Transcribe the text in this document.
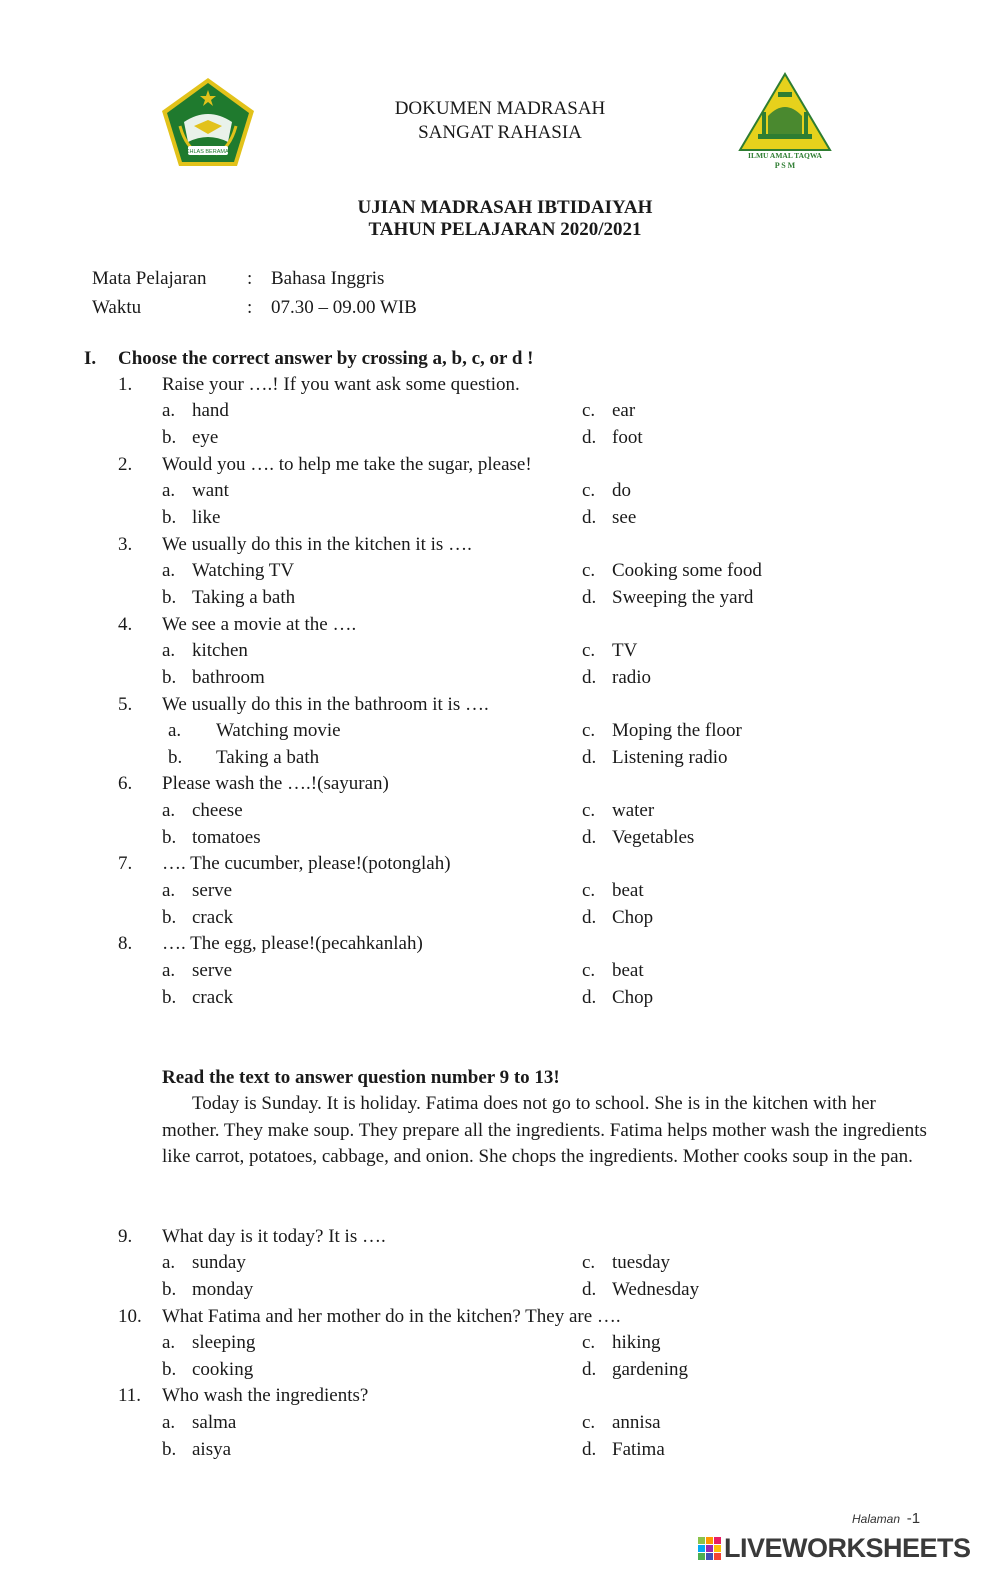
IKHLAS BERAMAL	ILMU AMAL TAQWA
P S M
DOKUMEN MADRASAH
SANGAT RAHASIA
UJIAN MADRASAH IBTIDAIYAH
TAHUN PELAJARAN 2020/2021
Mata Pelajaran : Bahasa Inggris
Waktu	: 07.30 – 09.00 WIB
I. Choose the correct answer by crossing a, b, c, or d !
1. Raise your ….! If you want ask some question.
a. hand	c. ear
b. eye	d. foot
2. Would you …. to help me take the sugar, please!
a. want	c. do
b. like	d. see
3. We usually do this in the kitchen it is ….
a. Watching TV	c. Cooking some food
b. Taking a bath	d. Sweeping the yard
4. We see a movie at the ….
a. kitchen	c. TV
b. bathroom	d. radio
5. We usually do this in the bathroom it is ….
a. Watching movie	c. Moping the floor
b. Taking a bath	d. Listening radio
6. Please wash the ….!(sayuran)
a. cheese	c. water
b. tomatoes	d. Vegetables
7. …. The cucumber, please!(potonglah)
a. serve	c. beat
b. crack	d. Chop
8. …. The egg, please!(pecahkanlah)
a. serve	c. beat
b. crack	d. Chop
Read the text to answer question number 9 to 13!
Today is Sunday. It is holiday. Fatima does not go to school. She is in the kitchen with her mother. They make soup. They prepare all the ingredients. Fatima helps mother wash the ingredients like carrot, potatoes, cabbage, and onion. She chops the ingredients. Mother cooks soup in the pan.
9. What day is it today? It is ….
a. sunday	c. tuesday
b. monday	d. Wednesday
10. What Fatima and her mother do in the kitchen? They are ….
a. sleeping	c. hiking
b. cooking	d. gardening
11. Who wash the ingredients?
a. salma	c. annisa
b. aisya	d. Fatima
Halaman -1
LIVEWORKSHEETS
